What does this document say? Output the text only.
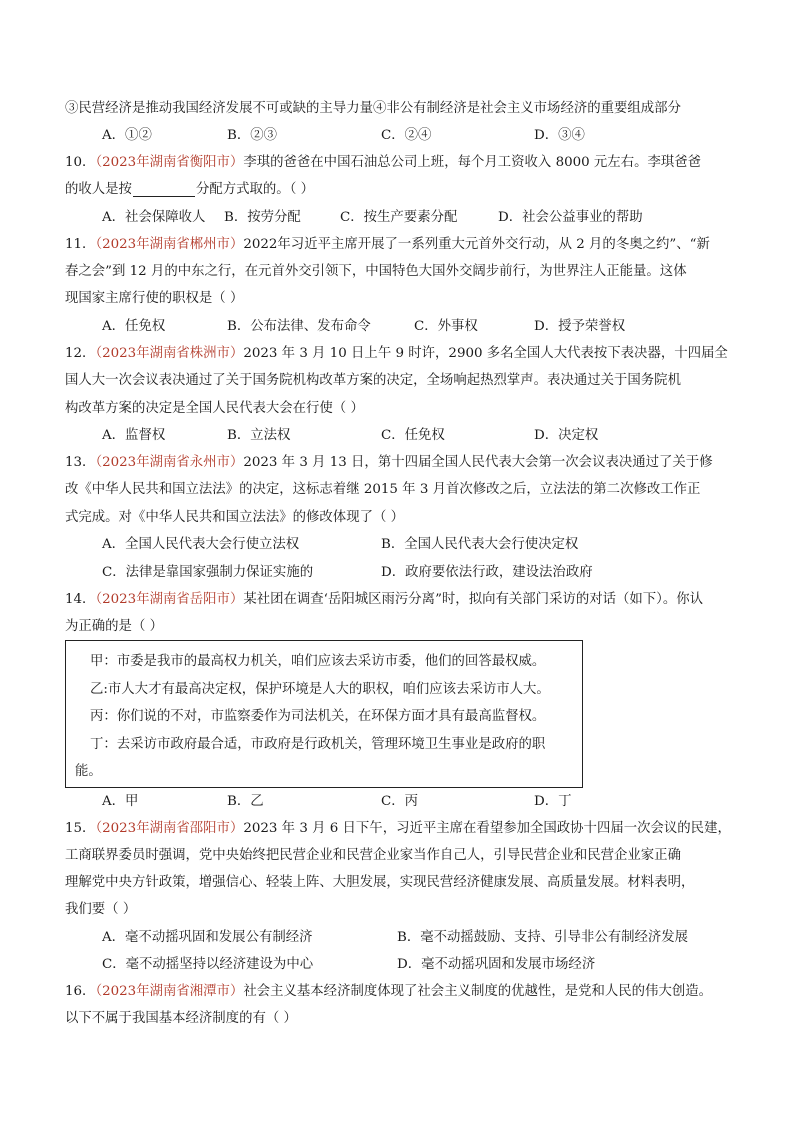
③民营经济是推动我国经济发展不可或缺的主导力量④非公有制经济是社会主义市场经济的重要组成部分
A．①②	B．②③	C．②④	D．③④
10．（2023年湖南省衡阳市）李琪的爸爸在中国石油总公司上班，每个月工资收入 8000 元左右。李琪爸爸
的收人是按	分配方式取的。（ ）
A．社会保障收人 B．按劳分配	C．按生产要素分配	D．社会公益事业的帮助
11．（2023年湖南省郴州市）2022年习近平主席开展了一系列重大元首外交行动，从 2 月的冬奥之约”、“新
春之会”到 12 月的中东之行，在元首外交引领下，中国特色大国外交阔步前行，为世界注人正能量。这体
现国家主席行使的职权是（ ）
A．任免权	B．公布法律、发布命令	C．外事权	D．授予荣誉权
12．（2023年湖南省株洲市）2023 年 3 月 10 日上午 9 时许，2900 多名全国人大代表按下表决器，十四届全
国人大一次会议表决通过了关于国务院机构改革方案的决定，全场响起热烈掌声。表决通过关于国务院机
构改革方案的决定是全国人民代表大会在行使（ ）
A．监督权	B．立法权	C．任免权	D．决定权
13．（2023年湖南省永州市）2023 年 3 月 13 日，第十四届全国人民代表大会第一次会议表决通过了关于修
改《中华人民共和国立法法》的决定，这标志着继 2015 年 3 月首次修改之后，立法法的第二次修改工作正
式完成。对《中华人民共和国立法法》的修改体现了（ ）
A．全国人民代表大会行使立法权	B．全国人民代表大会行使决定权
C．法律是靠国家强制力保证实施的	D．政府要依法行政，建设法治政府
14．（2023年湖南省岳阳市）某社团在调查‘岳阳城区雨污分离”时，拟向有关部门采访的对话（如下）。你认
为正确的是（ ）
甲：市委是我市的最高权力机关，咱们应该去采访市委，他们的回答最权威。
乙:市人大才有最高决定权，保护环境是人大的职权，咱们应该去采访市人大。
丙：你们说的不对，市监察委作为司法机关，在环保方面才具有最高监督权。
丁：去采访市政府最合适，市政府是行政机关，管理环境卫生事业是政府的职
能。
A．甲	B．乙	C．丙	D．丁
15．（2023年湖南省邵阳市）2023 年 3 月 6 日下午，习近平主席在看望参加全国政协十四届一次会议的民建，
工商联界委员时强调，党中央始终把民营企业和民营企业家当作自己人，引导民营企业和民营企业家正确
理解党中央方针政策，增强信心、轻装上阵、大胆发展，实现民营经济健康发展、高质量发展。材料表明，
我们要（ ）
A．毫不动摇巩固和发展公有制经济	B．毫不动摇鼓励、支持、引导非公有制经济发展
C．毫不动摇坚持以经济建设为中心	D．毫不动摇巩固和发展市场经济
16．（2023年湖南省湘潭市）社会主义基本经济制度体现了社会主义制度的优越性，是党和人民的伟大创造。
以下不属于我国基本经济制度的有（ ）
